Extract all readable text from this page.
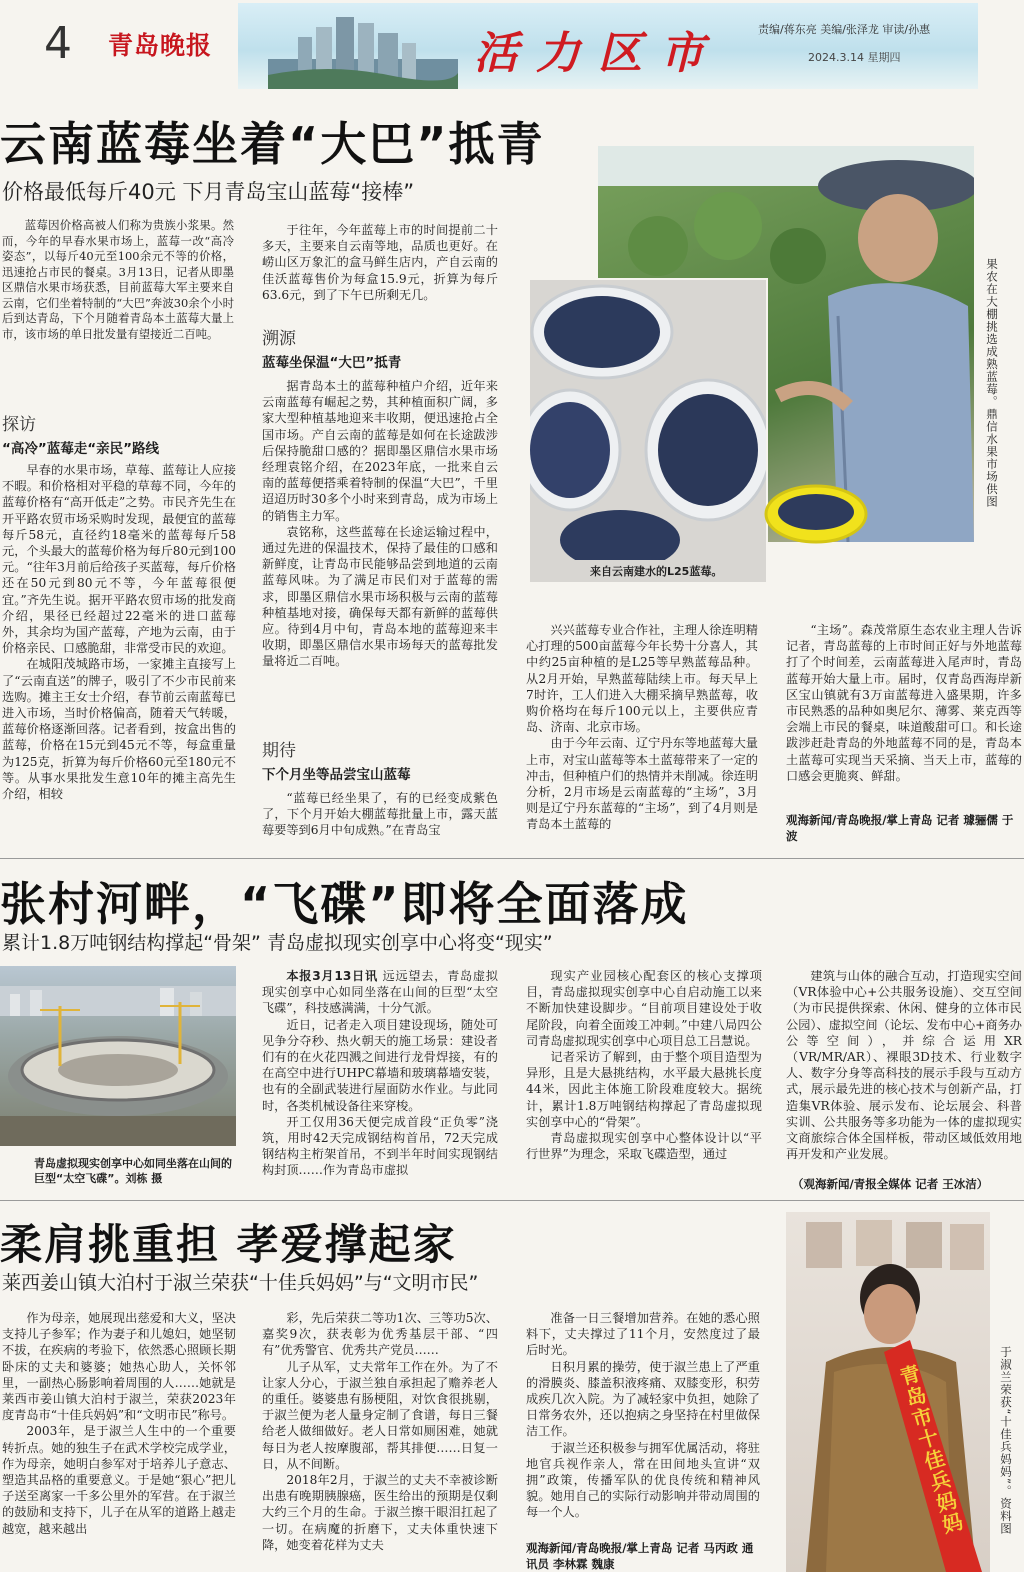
4 青岛晚报	活力区市	责编/蒋东亮 美编/张泽龙 审读/孙惠
2024.3.14 星期四
云南蓝莓坐着“大巴”抵青
价格最低每斤40元 下月青岛宝山蓝莓“接棒”

蓝莓因价格高被人们称为贵族小浆果。然而，今年的早春水果市场上，蓝莓一改“高冷姿态”，以每斤40元至100余元不等的价格，迅速抢占市民的餐桌。3月13日，记者从即墨区鼎信水果市场获悉，目前蓝莓大军主要来自云南，它们坐着特制的“大巴”奔波30余个小时后到达青岛，下个月随着青岛本土蓝莓大量上市，该市场的单日批发量有望接近二百吨。

探访
“高冷”蓝莓走“亲民”路线

早春的水果市场，草莓、蓝莓让人应接不暇。和价格相对平稳的草莓不同，今年的蓝莓价格有“高开低走”之势。市民齐先生在开平路农贸市场采购时发现，最便宜的蓝莓每斤58元，直径约18毫米的蓝莓每斤58元，个头最大的蓝莓价格为每斤80元到100元。“往年3月前后给孩子买蓝莓，每斤价格还在50元到80元不等，今年蓝莓很便宜。”齐先生说。据开平路农贸市场的批发商介绍，果径已经超过22毫米的进口蓝莓外，其余均为国产蓝莓，产地为云南，由于价格亲民、口感脆甜，非常受市民的欢迎。

在城阳茂城路市场，一家摊主直接写上了“云南直送”的牌子，吸引了不少市民前来选购。摊主王女士介绍，春节前云南蓝莓已进入市场，当时价格偏高，随着天气转暖，蓝莓价格逐渐回落。记者看到，按盒出售的蓝莓，价格在15元到45元不等，每盒重量为125克，折算为每斤价格60元至180元不等。从事水果批发生意10年的摊主高先生介绍，相较

于往年，今年蓝莓上市的时间提前二十多天，主要来自云南等地，品质也更好。在崂山区万象汇的盒马鲜生店内，产自云南的佳沃蓝莓售价为每盒15.9元，折算为每斤63.6元，到了下午已所剩无几。

溯源
蓝莓坐保温“大巴”抵青

据青岛本土的蓝莓种植户介绍，近年来云南蓝莓有崛起之势，其种植面积广阔，多家大型种植基地迎来丰收期，便迅速抢占全国市场。产自云南的蓝莓是如何在长途跋涉后保持脆甜口感的？据即墨区鼎信水果市场经理袁铭介绍，在2023年底，一批来自云南的蓝莓便搭乘着特制的保温“大巴”，千里迢迢历时30多个小时来到青岛，成为市场上的销售主力军。

袁铭称，这些蓝莓在长途运输过程中，通过先进的保温技术，保持了最佳的口感和新鲜度，让青岛市民能够品尝到地道的云南蓝莓风味。为了满足市民们对于蓝莓的需求，即墨区鼎信水果市场积极与云南的蓝莓种植基地对接，确保每天都有新鲜的蓝莓供应。待到4月中旬，青岛本地的蓝莓迎来丰收期，即墨区鼎信水果市场每天的蓝莓批发量将近二百吨。

期待
下个月坐等品尝宝山蓝莓

“蓝莓已经坐果了，有的已经变成紫色了，下个月开始大棚蓝莓批量上市，露天蓝莓要等到6月中旬成熟。”在青岛宝

来自云南建水的L25蓝莓。
果农在大棚挑选成熟蓝莓。鼎信水果市场供图

兴兴蓝莓专业合作社，主理人徐连明精心打理的500亩蓝莓今年长势十分喜人，其中约25亩种植的是L25等早熟蓝莓品种。从2月开始，早熟蓝莓陆续上市。每天早上7时许，工人们进入大棚采摘早熟蓝莓，收购价格均在每斤100元以上，主要供应青岛、济南、北京市场。

由于今年云南、辽宁丹东等地蓝莓大量上市，对宝山蓝莓等本土蓝莓带来了一定的冲击，但种植户们的热情并未削减。徐连明分析，2月市场是云南蓝莓的“主场”，3月则是辽宁丹东蓝莓的“主场”，到了4月则是青岛本土蓝莓的

“主场”。森茂常原生态农业主理人告诉记者，青岛蓝莓的上市时间正好与外地蓝莓打了个时间差，云南蓝莓进入尾声时，青岛蓝莓开始大量上市。届时，仅青岛西海岸新区宝山镇就有3万亩蓝莓进入盛果期，许多市民熟悉的品种如奥尼尔、薄雾、莱克西等会端上市民的餐桌，味道酸甜可口。和长途跋涉赶赴青岛的外地蓝莓不同的是，青岛本土蓝莓可实现当天采摘、当天上市，蓝莓的口感会更脆爽、鲜甜。

观海新闻/青岛晚报/掌上青岛 记者 璩骊儒 于波
张村河畔，“飞碟”即将全面落成
累计1.8万吨钢结构撑起“骨架” 青岛虚拟现实创享中心将变“现实”
青岛虚拟现实创享中心如同坐落在山间的巨型“太空飞碟”。刘栋 摄

本报3月13日讯 远远望去，青岛虚拟现实创享中心如同坐落在山间的巨型“太空飞碟”，科技感满满，十分气派。

近日，记者走入项目建设现场，随处可见争分夺秒、热火朝天的施工场景：建设者们有的在火花四溅之间进行龙骨焊接，有的在高空中进行UHPC幕墙和玻璃幕墙安装，也有的全副武装进行屋面防水作业。与此同时，各类机械设备往来穿梭。

开工仅用36天便完成首段“正负零”浇筑，用时42天完成钢结构首吊，72天完成钢结构主桁架首吊，不到半年时间实现钢结构封顶……作为青岛市虚拟

现实产业园核心配套区的核心支撑项目，青岛虚拟现实创享中心自启动施工以来不断加快建设脚步。“目前项目建设处于收尾阶段，向着全面竣工冲刺。”中建八局四公司青岛虚拟现实创享中心项目总工吕慧说。

记者采访了解到，由于整个项目造型为异形，且是大悬挑结构，水平最大悬挑长度44米，因此主体施工阶段难度较大。据统计，累计1.8万吨钢结构撑起了青岛虚拟现实创享中心的“骨架”。

青岛虚拟现实创享中心整体设计以“平行世界”为理念，采取飞碟造型，通过

建筑与山体的融合互动，打造现实空间（VR体验中心+公共服务设施）、交互空间（为市民提供探索、休闲、健身的立体市民公园）、虚拟空间（论坛、发布中心+商务办公等空间），并综合运用XR（VR/MR/AR）、裸眼3D技术、行业数字人、数字分身等高科技的展示手段与互动方式，展示最先进的核心技术与创新产品，打造集VR体验、展示发布、论坛展会、科普实训、公共服务等多功能为一体的虚拟现实文商旅综合体全国样板，带动区域低效用地再开发和产业发展。

（观海新闻/青报全媒体 记者 王冰洁）
柔肩挑重担 孝爱撑起家
莱西姜山镇大泊村于淑兰荣获“十佳兵妈妈”与“文明市民”

作为母亲，她展现出慈爱和大义，坚决支持儿子参军；作为妻子和儿媳妇，她坚韧不拔，在疾病的考验下，依然悉心照顾长期卧床的丈夫和婆婆；她热心助人，关怀邻里，一副热心肠影响着周围的人……她就是莱西市姜山镇大泊村于淑兰，荣获2023年度青岛市“十佳兵妈妈”和“文明市民”称号。

2003年，是于淑兰人生中的一个重要转折点。她的独生子在武术学校完成学业，作为母亲，她明白参军对于培养儿子意志、塑造其品格的重要意义。于是她“狠心”把儿子送至离家一千多公里外的军营。在于淑兰的鼓励和支持下，儿子在从军的道路上越走越宽，越来越出

彩，先后荣获二等功1次、三等功5次、嘉奖9次，获表彰为优秀基层干部、“四有”优秀警官、优秀共产党员……

儿子从军，丈夫常年工作在外。为了不让家人分心，于淑兰独自承担起了赡养老人的重任。婆婆患有肠梗阻，对饮食很挑剔，于淑兰便为老人量身定制了食谱，每日三餐给老人做细做好。老人日常如厕困难，她就每日为老人按摩腹部，帮其排便……日复一日，从不间断。

2018年2月，于淑兰的丈夫不幸被诊断出患有晚期胰腺癌，医生给出的预期是仅剩大约三个月的生命。于淑兰擦干眼泪扛起了一切。在病魔的折磨下，丈夫体重快速下降，她变着花样为丈夫

准备一日三餐增加营养。在她的悉心照料下，丈夫撑过了11个月，安然度过了最后时光。

日积月累的操劳，使于淑兰患上了严重的滑膜炎、膝盖积液疼痛、双膝变形，积劳成疾几次入院。为了减轻家中负担，她除了日常务农外，还以抱病之身坚持在村里做保洁工作。

于淑兰还积极参与拥军优属活动，将驻地官兵视作亲人，常在田间地头宣讲“双拥”政策，传播军队的优良传统和精神风貌。她用自己的实际行动影响并带动周围的每一个人。

观海新闻/青岛晚报/掌上青岛 记者 马丙政 通讯员 李林霖 魏康
青岛市十佳兵妈妈	于淑兰荣获“十佳兵妈妈”。资料图
